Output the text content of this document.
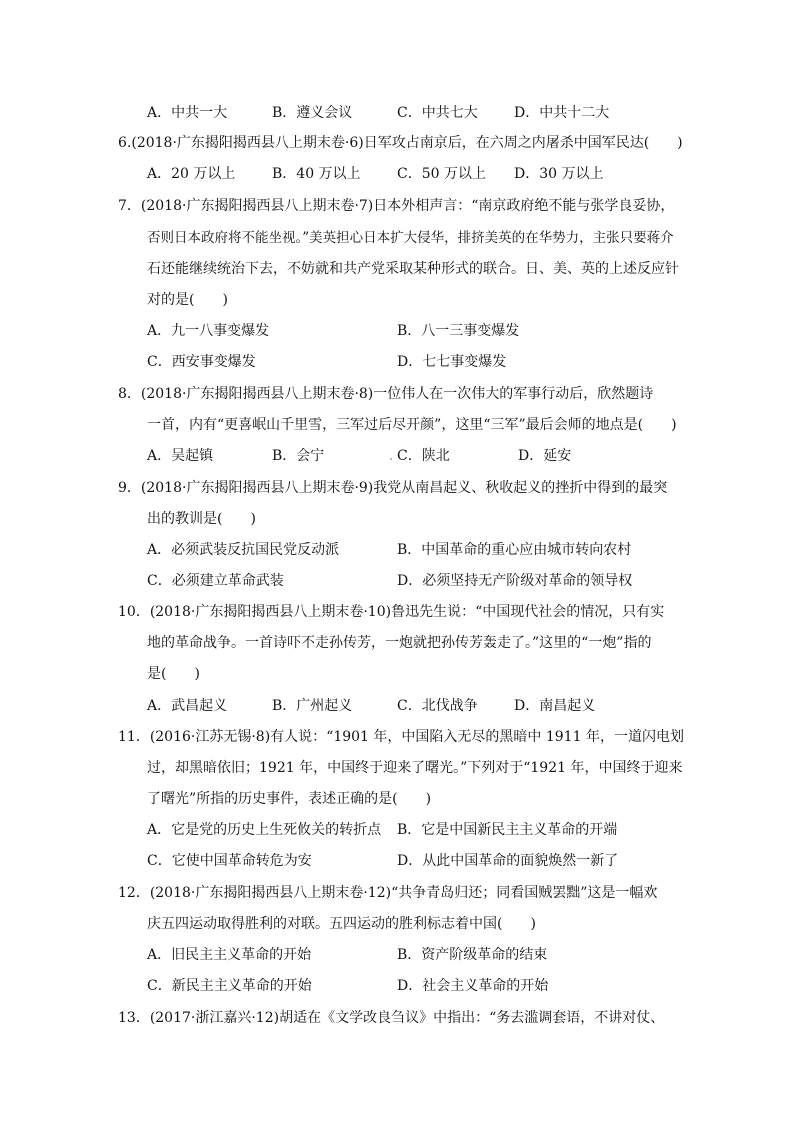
A．中共一大	B．遵义会议	C．中共七大	D．中共十二大
6.(2018·广东揭阳揭西县八上期末卷·6)日军攻占南京后，在六周之内屠杀中国军民达(　　)
A．20 万以上	B．40 万以上	C．50 万以上 D．30 万以上
7．(2018·广东揭阳揭西县八上期末卷·7)日本外相声言：“南京政府绝不能与张学良妥协，
否则日本政府将不能坐视。”美英担心日本扩大侵华，排挤美英的在华势力，主张只要蒋介
石还能继续统治下去，不妨就和共产党采取某种形式的联合。日、美、英的上述反应针
对的是(　　)
A．九一八事变爆发	B．八一三事变爆发
C．西安事变爆发	D．七七事变爆发
8．(2018·广东揭阳揭西县八上期末卷·8)一位伟人在一次伟大的军事行动后，欣然题诗
一首，内有“更喜岷山千里雪，三军过后尽开颜”，这里“三军”最后会师的地点是(　　)
A．吴起镇	B．会宁	C．陕北	D．延安
9．(2018·广东揭阳揭西县八上期末卷·9)我党从南昌起义、秋收起义的挫折中得到的最突
出的教训是(　　)
A．必须武装反抗国民党反动派	B．中国革命的重心应由城市转向农村
C．必须建立革命武装	D．必须坚持无产阶级对革命的领导权
10．(2018·广东揭阳揭西县八上期末卷·10)鲁迅先生说：“中国现代社会的情况，只有实
地的革命战争。一首诗吓不走孙传芳，一炮就把孙传芳轰走了。”这里的“一炮”指的
是(　　)
A．武昌起义	B．广州起义	C．北伐战争	D．南昌起义
11．(2016·江苏无锡·8)有人说：“1901 年，中国陷入无尽的黑暗中 1911 年，一道闪电划
过，却黑暗依旧；1921 年，中国终于迎来了曙光。”下列对于“1921 年，中国终于迎来
了曙光”所指的历史事件，表述正确的是(　　)
A．它是党的历史上生死攸关的转折点 B．它是中国新民主主义革命的开端
C．它使中国革命转危为安	D．从此中国革命的面貌焕然一新了
12．(2018·广东揭阳揭西县八上期末卷·12)“共争青岛归还；同看国贼罢黜”这是一幅欢
庆五四运动取得胜利的对联。五四运动的胜利标志着中国(　　)
A．旧民主主义革命的开始	B．资产阶级革命的结束
C．新民主主义革命的开始	D．社会主义革命的开始
13．(2017·浙江嘉兴·12)胡适在《文学改良刍议》中指出：“务去滥调套语，不讲对仗、
